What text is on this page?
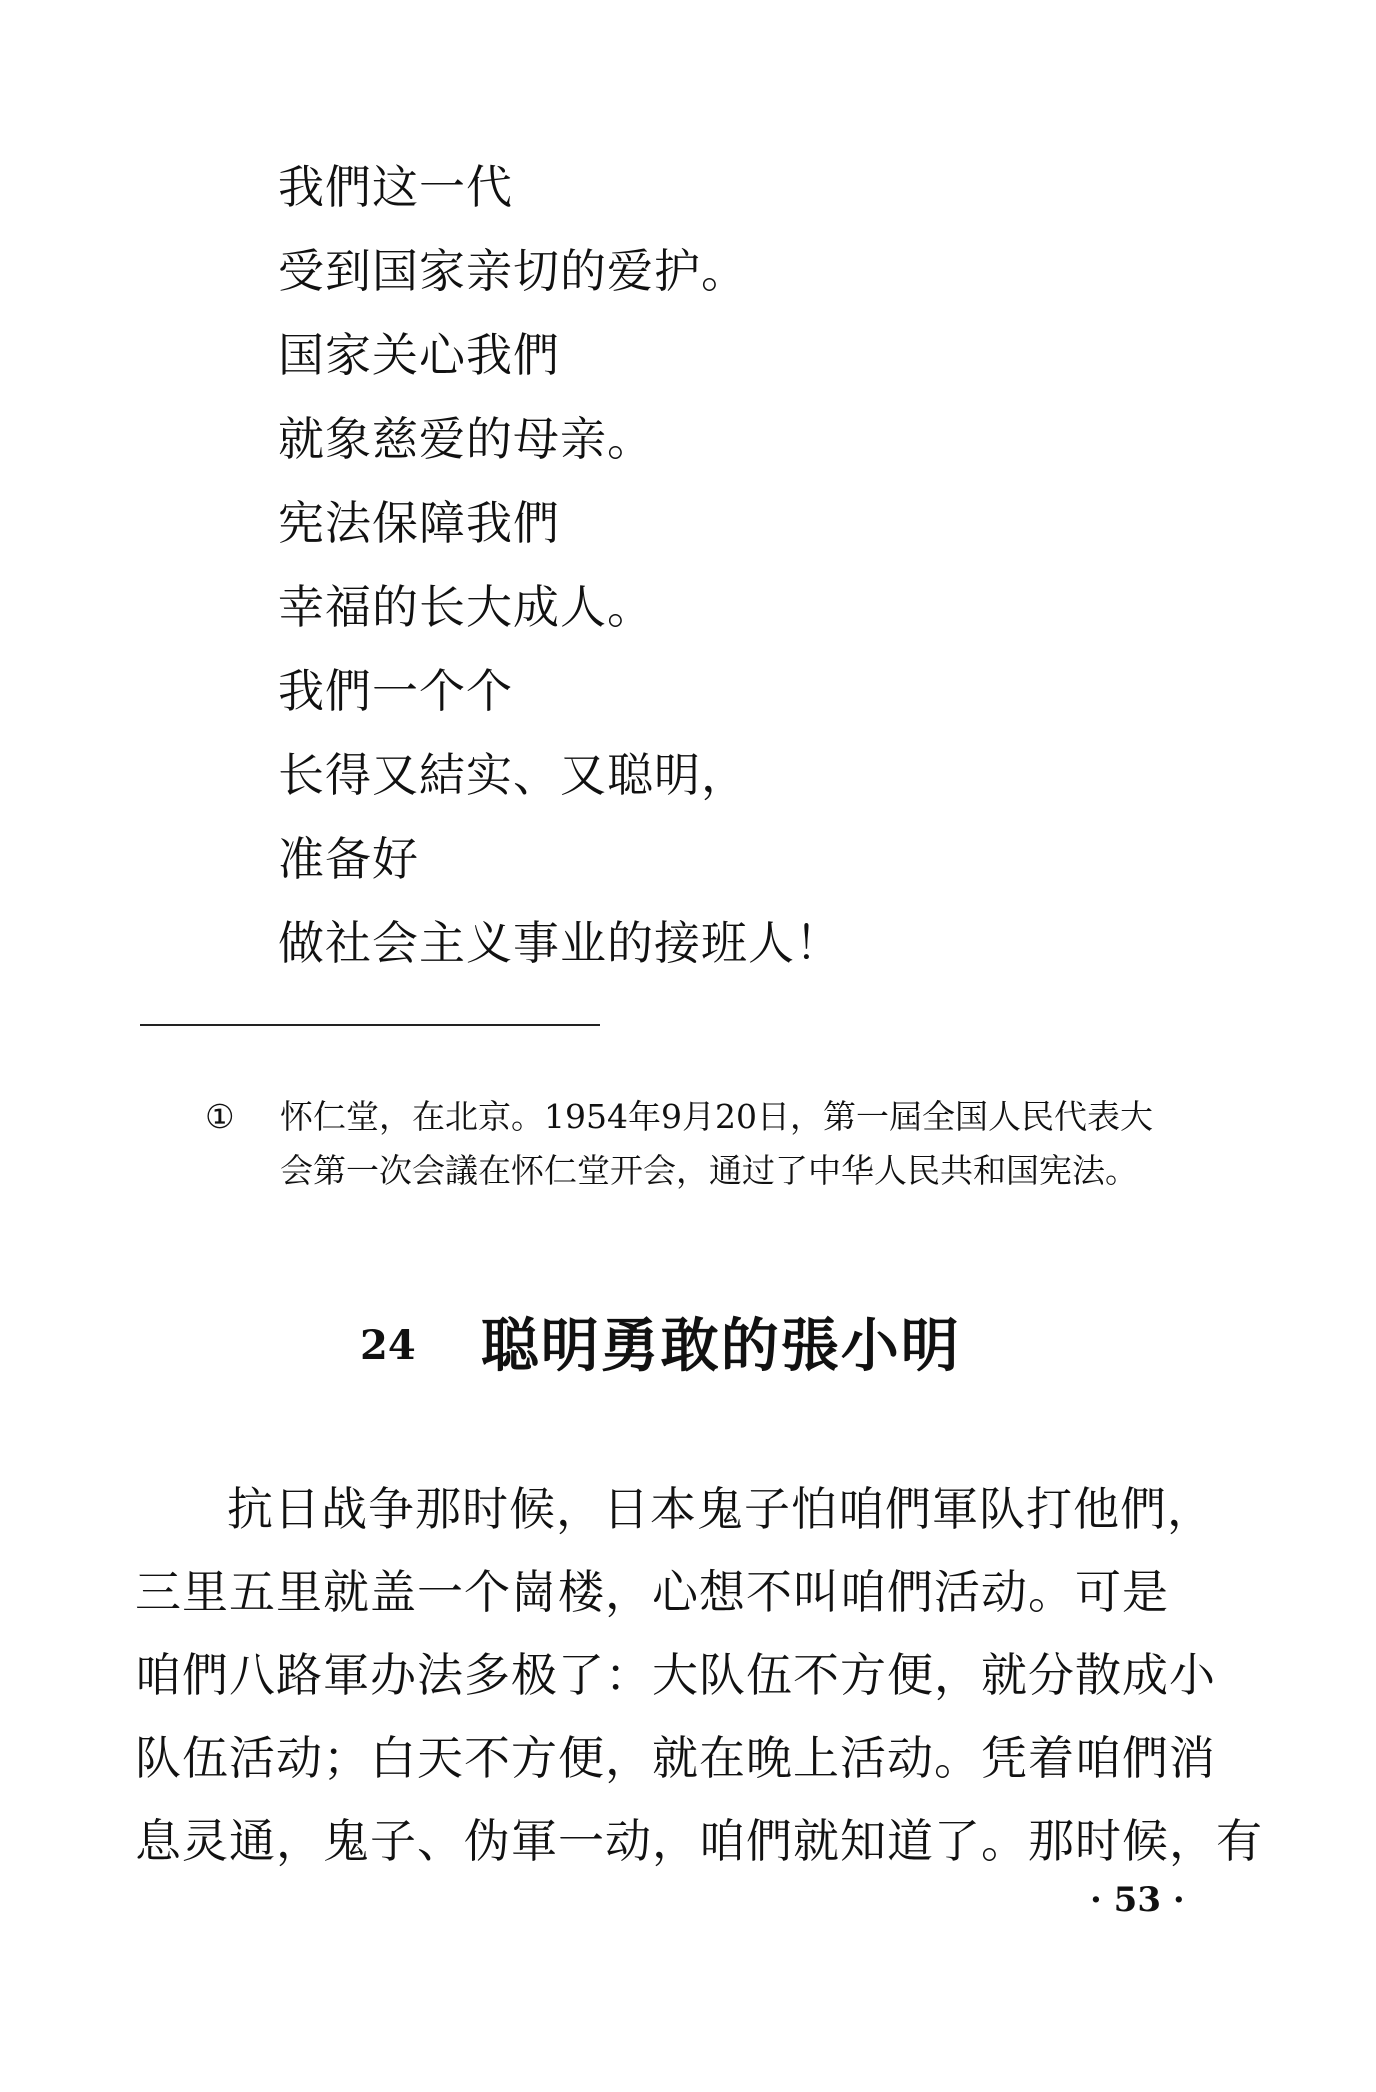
我們这一代
受到国家亲切的爱护。
国家关心我們
就象慈爱的母亲。
宪法保障我們
幸福的长大成人。
我們一个个
长得又結实、又聪明，
准备好
做社会主义事业的接班人！
①	怀仁堂，在北京。1954年9月20日，第一屆全国人民代表大
会第一次会議在怀仁堂开会，通过了中华人民共和国宪法。
24 聪明勇敢的張小明
抗日战争那时候，日本鬼子怕咱們軍队打他們，
三里五里就盖一个崗楼，心想不叫咱們活动。可是
咱們八路軍办法多极了：大队伍不方便，就分散成小
队伍活动；白天不方便，就在晚上活动。凭着咱們消
息灵通，鬼子、伪軍一动，咱們就知道了。那时候，有
· 53 ·
